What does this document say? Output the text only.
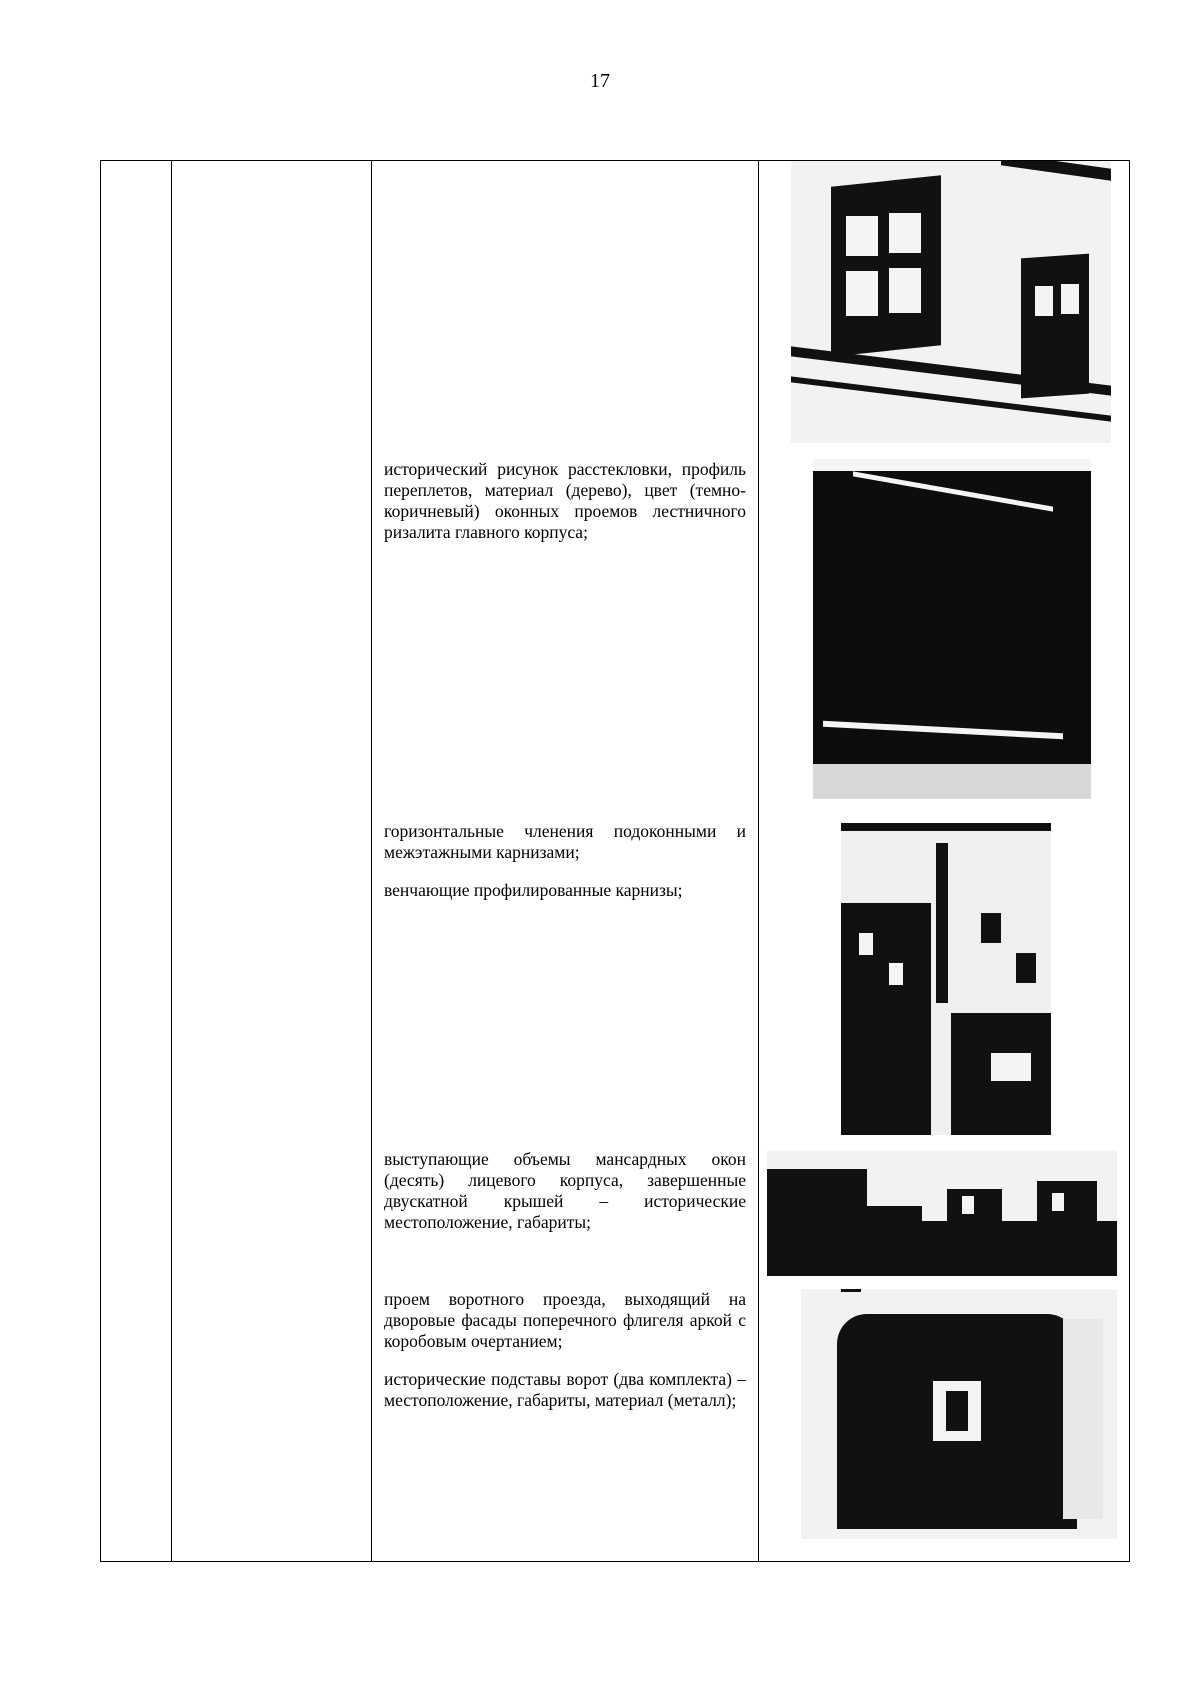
17

исторический рисунок расстекловки, профиль переплетов, материал (дерево), цвет (темно-коричневый) оконных проемов лестничного ризалита главного корпуса;

горизонтальные членения подоконными и межэтажными карнизами;

венчающие профилированные карнизы;

выступающие объемы мансардных окон (десять) лицевого корпуса, завершенные двускатной крышей – исторические местоположение, габариты;

проем воротного проезда, выходящий на дворовые фасады поперечного флигеля аркой с коробовым очертанием;

исторические подставы ворот (два комплекта) – местоположение, габариты, материал (металл);
